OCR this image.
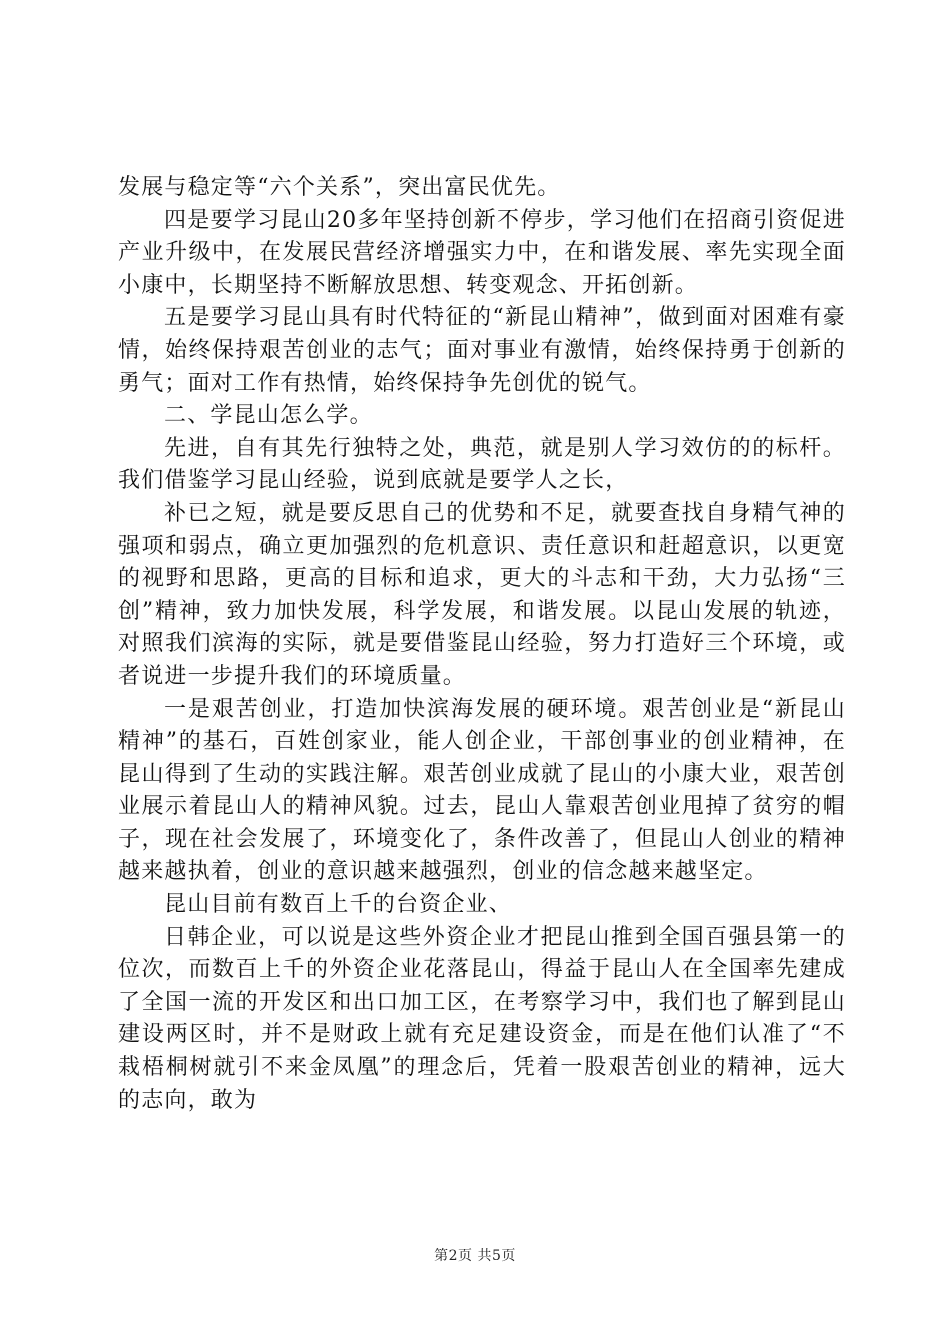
发展与稳定等“六个关系”，突出富民优先。

四是要学习昆山20多年坚持创新不停步，学习他们在招商引资促进产业升级中，在发展民营经济增强实力中，在和谐发展、率先实现全面小康中，长期坚持不断解放思想、转变观念、开拓创新。

五是要学习昆山具有时代特征的“新昆山精神”，做到面对困难有豪情，始终保持艰苦创业的志气；面对事业有激情，始终保持勇于创新的勇气；面对工作有热情，始终保持争先创优的锐气。

二、学昆山怎么学。

先进，自有其先行独特之处，典范，就是别人学习效仿的的标杆。我们借鉴学习昆山经验，说到底就是要学人之长，

补已之短，就是要反思自己的优势和不足，就要查找自身精气神的强项和弱点，确立更加强烈的危机意识、责任意识和赶超意识，以更宽的视野和思路，更高的目标和追求，更大的斗志和干劲，大力弘扬“三创”精神，致力加快发展，科学发展，和谐发展。以昆山发展的轨迹，对照我们滨海的实际，就是要借鉴昆山经验，努力打造好三个环境，或者说进一步提升我们的环境质量。

一是艰苦创业，打造加快滨海发展的硬环境。艰苦创业是“新昆山精神”的基石，百姓创家业，能人创企业，干部创事业的创业精神，在昆山得到了生动的实践注解。艰苦创业成就了昆山的小康大业，艰苦创业展示着昆山人的精神风貌。过去，昆山人靠艰苦创业甩掉了贫穷的帽子，现在社会发展了，环境变化了，条件改善了，但昆山人创业的精神越来越执着，创业的意识越来越强烈，创业的信念越来越坚定。

昆山目前有数百上千的台资企业、

日韩企业，可以说是这些外资企业才把昆山推到全国百强县第一的位次，而数百上千的外资企业花落昆山，得益于昆山人在全国率先建成了全国一流的开发区和出口加工区，在考察学习中，我们也了解到昆山建设两区时，并不是财政上就有充足建设资金，而是在他们认准了“不栽梧桐树就引不来金凤凰”的理念后，凭着一股艰苦创业的精神，远大的志向，敢为

第2页 共5页
